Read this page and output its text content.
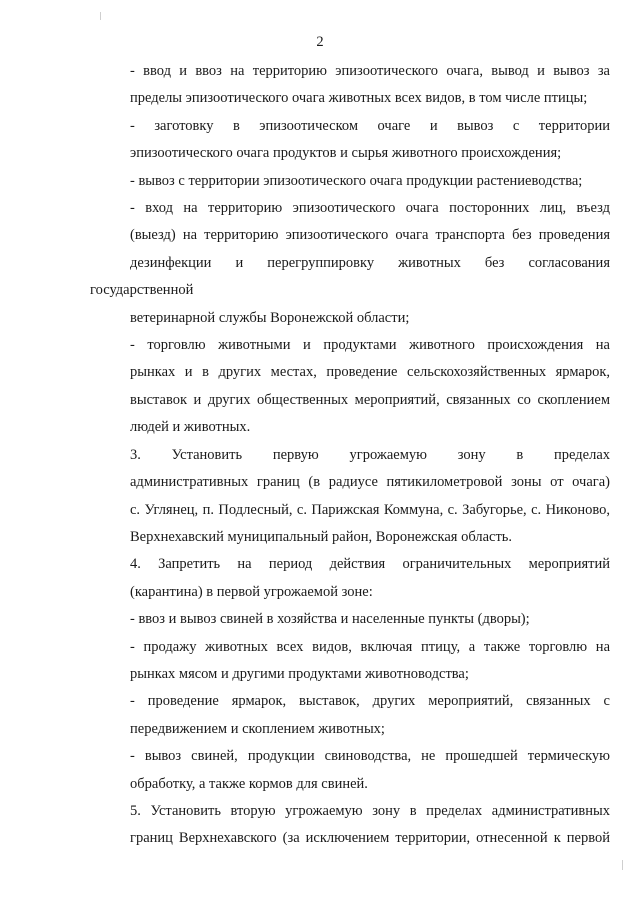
2

- ввод и ввоз на территорию эпизоотического очага, вывод и вывоз за
пределы эпизоотического очага животных всех видов, в том числе птицы;

- заготовку в эпизоотическом очаге и вывоз с территории
эпизоотического очага продуктов и сырья животного происхождения;

- вывоз с территории эпизоотического очага продукции растениеводства;

- вход на территорию эпизоотического очага посторонних лиц, въезд
(выезд) на территорию эпизоотического очага транспорта без проведения
дезинфекции и перегруппировку животных без согласования государственной
ветеринарной службы Воронежской области;

- торговлю животными и продуктами животного происхождения на
рынках и в других местах, проведение сельскохозяйственных ярмарок,
выставок и других общественных мероприятий, связанных со скоплением
людей и животных.

3. Установить первую угрожаемую зону в пределах
административных границ (в радиусе пятикилометровой зоны от очага)
с. Углянец, п. Подлесный, с. Парижская Коммуна, с. Забугорье, с. Никоново,
Верхнехавский муниципальный район, Воронежская область.

4. Запретить на период действия ограничительных мероприятий
(карантина) в первой угрожаемой зоне:

- ввоз и вывоз свиней в хозяйства и населенные пункты (дворы);

- продажу животных всех видов, включая птицу, а также торговлю на
рынках мясом и другими продуктами животноводства;

- проведение ярмарок, выставок, других мероприятий, связанных с
передвижением и скоплением животных;

- вывоз свиней, продукции свиноводства, не прошедшей термическую
обработку, а также кормов для свиней.

5. Установить вторую угрожаемую зону в пределах административных
границ Верхнехавского (за исключением территории, отнесенной к первой
